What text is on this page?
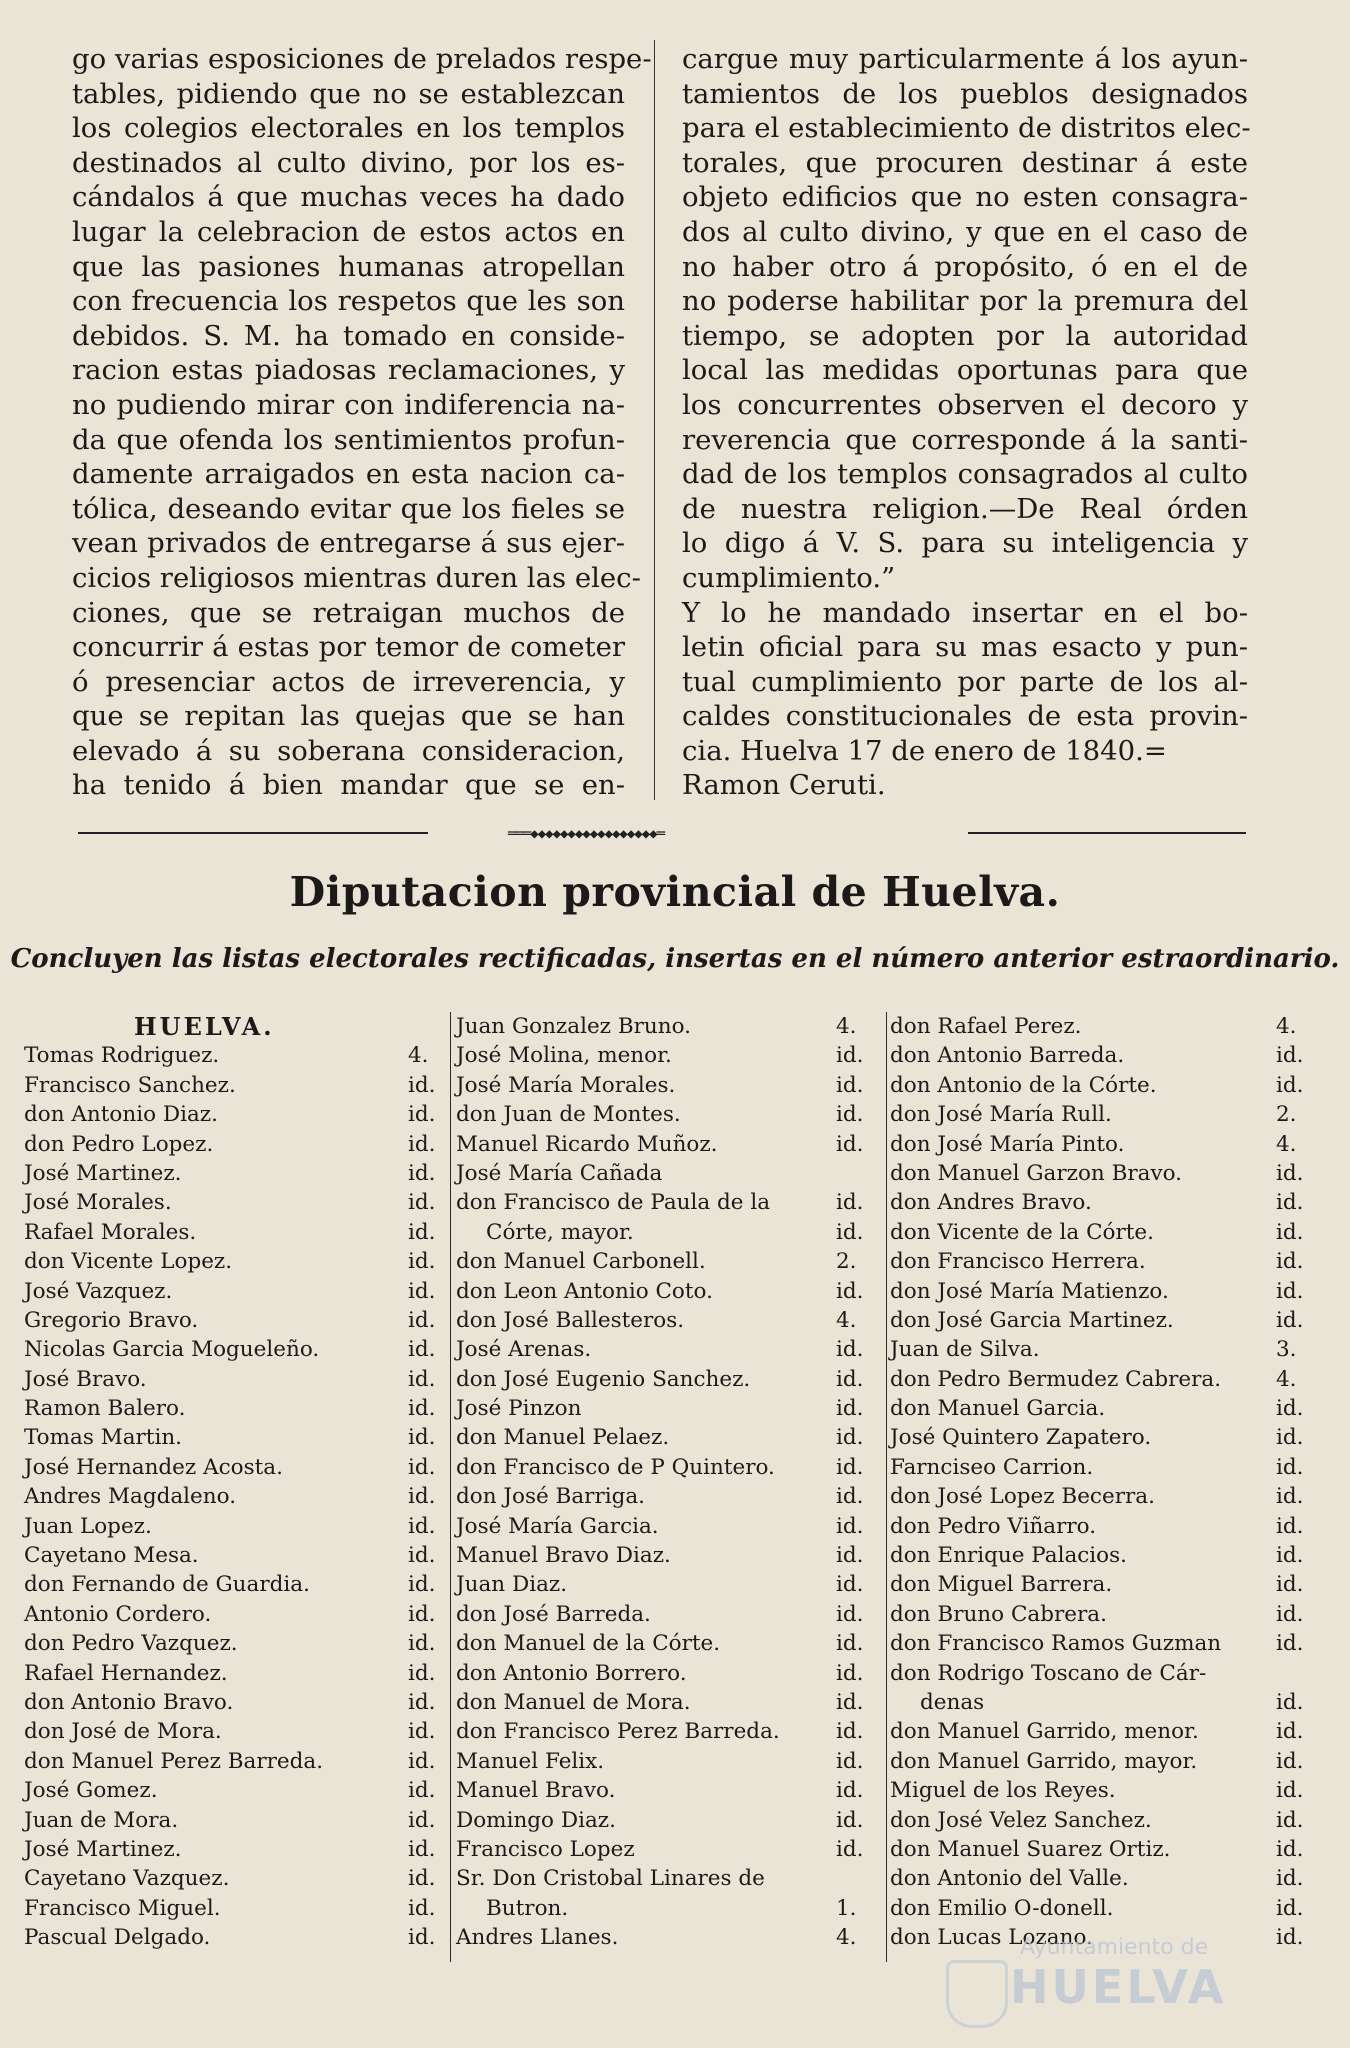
go varias esposiciones de prelados respe-
tables, pidiendo que no se establezcan
los colegios electorales en los templos
destinados al culto divino, por los es-
cándalos á que muchas veces ha dado
lugar la celebracion de estos actos en
que las pasiones humanas atropellan
con frecuencia los respetos que les son
debidos. S. M. ha tomado en conside-
racion estas piadosas reclamaciones, y
no pudiendo mirar con indiferencia na-
da que ofenda los sentimientos profun-
damente arraigados en esta nacion ca-
tólica, deseando evitar que los fieles se
vean privados de entregarse á sus ejer-
cicios religiosos mientras duren las elec-
ciones, que se retraigan muchos de
concurrir á estas por temor de cometer
ó presenciar actos de irreverencia, y
que se repitan las quejas que se han
elevado á su soberana consideracion,
ha tenido á bien mandar que se en-
cargue muy particularmente á los ayun-
tamientos de los pueblos designados
para el establecimiento de distritos elec-
torales, que procuren destinar á este
objeto edificios que no esten consagra-
dos al culto divino, y que en el caso de
no haber otro á propósito, ó en el de
no poderse habilitar por la premura del
tiempo, se adopten por la autoridad
local las medidas oportunas para que
los concurrentes observen el decoro y
reverencia que corresponde á la santi-
dad de los templos consagrados al culto
de nuestra religion.—De Real órden
lo digo á V. S. para su inteligencia y
cumplimiento.”
Y lo he mandado insertar en el bo-
letin oficial para su mas esacto y pun-
tual cumplimiento por parte de los al-
caldes constitucionales de esta provin-
cia. Huelva 17 de enero de 1840.=
Ramon Ceruti.
⁠═══◆◆◆◆◆◆◆◆◆◆◆◆◆◆◆◆◆═
Diputacion provincial de Huelva.
Concluyen las listas electorales rectificadas, insertas en el número anterior estraordinario.
HUELVA.
Tomas Rodriguez.	4.
Francisco Sanchez.	id.
don Antonio Diaz.	id.
don Pedro Lopez.	id.
José Martinez.	id.
José Morales.	id.
Rafael Morales.	id.
don Vicente Lopez.	id.
José Vazquez.	id.
Gregorio Bravo.	id.
Nicolas Garcia Mogueleño.	id.
José Bravo.	id.
Ramon Balero.	id.
Tomas Martin.	id.
José Hernandez Acosta.	id.
Andres Magdaleno.	id.
Juan Lopez.	id.
Cayetano Mesa.	id.
don Fernando de Guardia.	id.
Antonio Cordero.	id.
don Pedro Vazquez.	id.
Rafael Hernandez.	id.
don Antonio Bravo.	id.
don José de Mora.	id.
don Manuel Perez Barreda.	id.
José Gomez.	id.
Juan de Mora.	id.
José Martinez.	id.
Cayetano Vazquez.	id.
Francisco Miguel.	id.
Pascual Delgado.	id.
Juan Gonzalez Bruno.	4.
José Molina, menor.	id.
José María Morales.	id.
don Juan de Montes.	id.
Manuel Ricardo Muñoz.	id.
José María Cañada
don Francisco de Paula de la	id.
Córte, mayor.	id.
don Manuel Carbonell.	2.
don Leon Antonio Coto.	id.
don José Ballesteros.	4.
José Arenas.	id.
don José Eugenio Sanchez.	id.
José Pinzon	id.
don Manuel Pelaez.	id.
don Francisco de P Quintero.	id.
don José Barriga.	id.
José María Garcia.	id.
Manuel Bravo Diaz.	id.
Juan Diaz.	id.
don José Barreda.	id.
don Manuel de la Córte.	id.
don Antonio Borrero.	id.
don Manuel de Mora.	id.
don Francisco Perez Barreda.	id.
Manuel Felix.	id.
Manuel Bravo.	id.
Domingo Diaz.	id.
Francisco Lopez	id.
Sr. Don Cristobal Linares de
Butron.	1.
Andres Llanes.	4.
don Rafael Perez.	4.
don Antonio Barreda.	id.
don Antonio de la Córte.	id.
don José María Rull.	2.
don José María Pinto.	4.
don Manuel Garzon Bravo.	id.
don Andres Bravo.	id.
don Vicente de la Córte.	id.
don Francisco Herrera.	id.
don José María Matienzo.	id.
don José Garcia Martinez.	id.
Juan de Silva.	3.
don Pedro Bermudez Cabrera.	4.
don Manuel Garcia.	id.
José Quintero Zapatero.	id.
Farnciseo Carrion.	id.
don José Lopez Becerra.	id.
don Pedro Viñarro.	id.
don Enrique Palacios.	id.
don Miguel Barrera.	id.
don Bruno Cabrera.	id.
don Francisco Ramos Guzman	id.
don Rodrigo Toscano de Cár-
denas	id.
don Manuel Garrido, menor.	id.
don Manuel Garrido, mayor.	id.
Miguel de los Reyes.	id.
don José Velez Sanchez.	id.
don Manuel Suarez Ortiz.	id.
don Antonio del Valle.	id.
don Emilio O-donell.	id.
don Lucas Lozano.	id.
Ayuntamiento de
HUELVA
